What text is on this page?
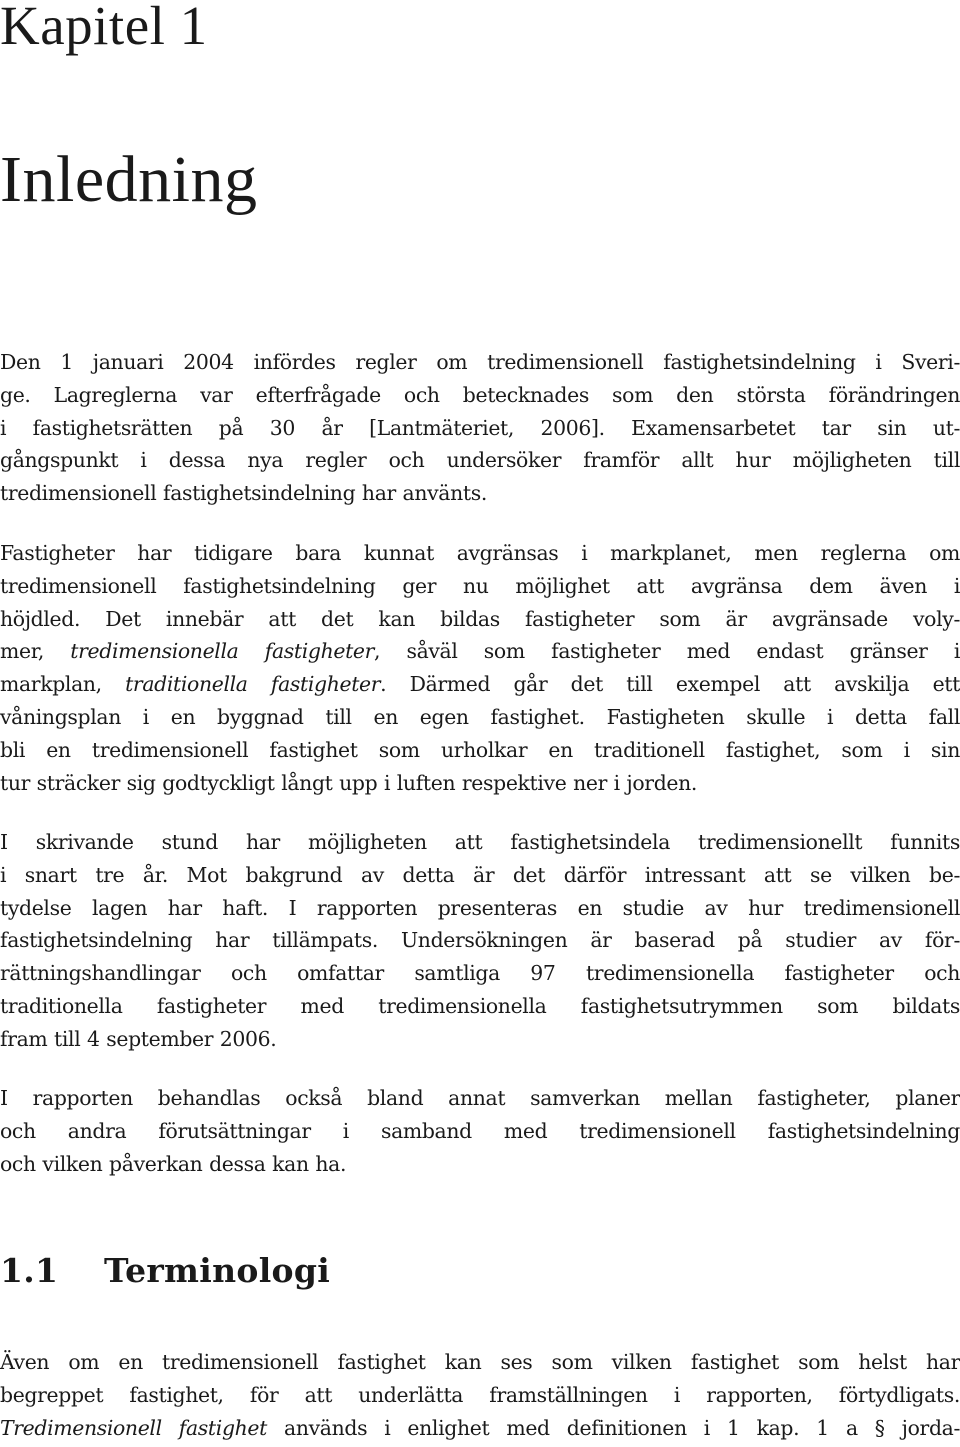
Kapitel 1
Inledning

Den 1 januari 2004 infördes regler om tredimensionell fastighetsindelning i Sveri-
ge. Lagreglerna var efterfrågade och betecknades som den största förändringen
i fastighetsrätten på 30 år [Lantmäteriet, 2006]. Examensarbetet tar sin ut-
gångspunkt i dessa nya regler och undersöker framför allt hur möjligheten till
tredimensionell fastighetsindelning har använts.

Fastigheter har tidigare bara kunnat avgränsas i markplanet, men reglerna om
tredimensionell fastighetsindelning ger nu möjlighet att avgränsa dem även i
höjdled. Det innebär att det kan bildas fastigheter som är avgränsade voly-
mer, tredimensionella fastigheter, såväl som fastigheter med endast gränser i
markplan, traditionella fastigheter. Därmed går det till exempel att avskilja ett
våningsplan i en byggnad till en egen fastighet. Fastigheten skulle i detta fall
bli en tredimensionell fastighet som urholkar en traditionell fastighet, som i sin
tur sträcker sig godtyckligt långt upp i luften respektive ner i jorden.

I skrivande stund har möjligheten att fastighetsindela tredimensionellt funnits
i snart tre år. Mot bakgrund av detta är det därför intressant att se vilken be-
tydelse lagen har haft. I rapporten presenteras en studie av hur tredimensionell
fastighetsindelning har tillämpats. Undersökningen är baserad på studier av för-
rättningshandlingar och omfattar samtliga 97 tredimensionella fastigheter och
traditionella fastigheter med tredimensionella fastighetsutrymmen som bildats
fram till 4 september 2006.

I rapporten behandlas också bland annat samverkan mellan fastigheter, planer
och andra förutsättningar i samband med tredimensionell fastighetsindelning
och vilken påverkan dessa kan ha.

1.1 Terminologi

Även om en tredimensionell fastighet kan ses som vilken fastighet som helst har
begreppet fastighet, för att underlätta framställningen i rapporten, förtydligats.
Tredimensionell fastighet används i enlighet med definitionen i 1 kap. 1 a § jorda-
